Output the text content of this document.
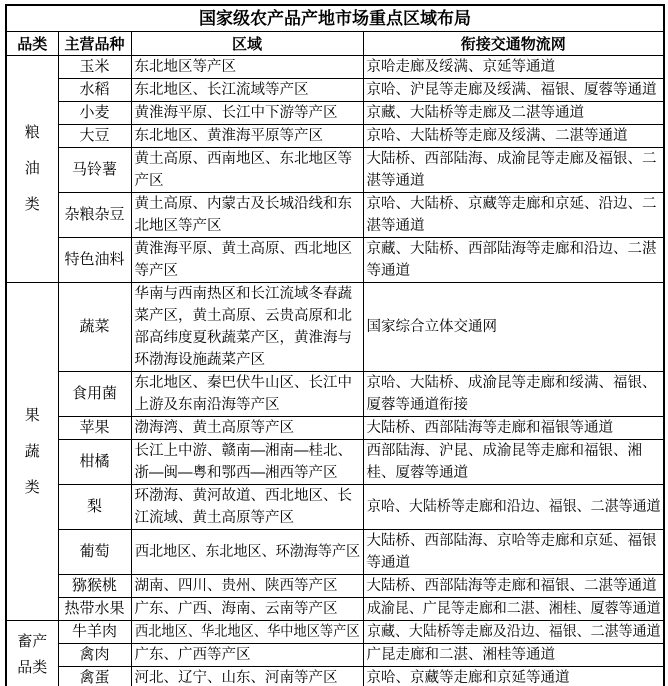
国家级农产品产地市场重点区域布局			
品类	主营品种	区域	衔接交通物流网

粮
油
类	玉米	东北地区等产区	京哈走廊及绥满、京延等通道
	水稻	东北地区、长江流域等产区	京哈、沪昆等走廊及绥满、福银、厦蓉等通道
	小麦	黄淮海平原、长江中下游等产区	京藏、大陆桥等走廊及二湛等通道
	大豆	东北地区、黄淮海平原等产区	京哈、大陆桥等走廊及绥满、二湛等通道
	马铃薯	黄土高原、西南地区、东北地区等产区	大陆桥、西部陆海、成渝昆等走廊及福银、二湛等通道

	杂粮杂豆	黄土高原、内蒙古及长城沿线和东北地区等产区	京哈、大陆桥、京藏等走廊和京延、沿边、二湛等通道

	特色油料	黄淮海平原、黄土高原、西北地区等产区	京藏、大陆桥、西部陆海等走廊和沿边、二湛等通道

果
蔬
类	蔬菜	华南与西南热区和长江流域冬春蔬菜产区，黄土高原、云贵高原和北部高纬度夏秋蔬菜产区，黄淮海与环渤海设施蔬菜产区	国家综合立体交通网
	食用菌	东北地区、秦巴伏牛山区、长江中上游及东南沿海等产区	京哈、大陆桥、成渝昆等走廊和绥满、福银、厦蓉等通道衔接

	苹果	渤海湾、黄土高原等产区	大陆桥、西部陆海等走廊和福银等通道
	柑橘	长江上中游、赣南—湘南—桂北、浙—闽—粤和鄂西—湘西等产区	西部陆海、沪昆、成渝昆等走廊和福银、湘桂、厦蓉等通道

	梨	环渤海、黄河故道、西北地区、长江流域、黄土高原等产区	京哈、大陆桥等走廊和沿边、福银、二湛等通道
	葡萄	西北地区、东北地区、环渤海等产区	大陆桥、西部陆海、京哈等走廊和京延、福银等通道

	猕猴桃	湖南、四川、贵州、陕西等产区	大陆桥、西部陆海等走廊和福银、二湛等通道
	热带水果	广东、广西、海南、云南等产区	成渝昆、广昆等走廊和二湛、湘桂、厦蓉等通道

畜产
品类	牛羊肉	西北地区、华北地区、华中地区等产区	京藏、大陆桥等走廊及沿边、福银、二湛等通道
	禽肉	广东、广西等产区	广昆走廊和二湛、湘桂等通道
	禽蛋	河北、辽宁、山东、河南等产区	京哈、京藏等走廊和京延等通道
